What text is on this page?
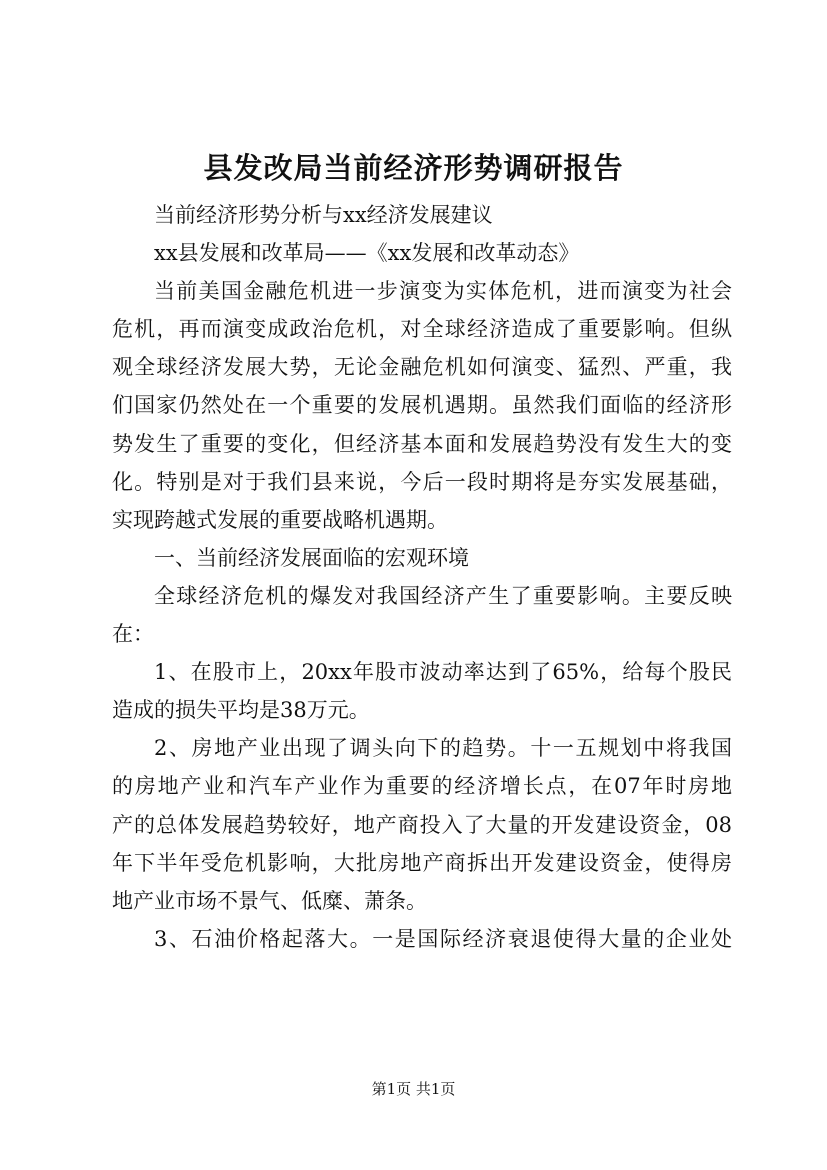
县发改局当前经济形势调研报告
当前经济形势分析与xx经济发展建议
xx县发展和改革局——《xx发展和改革动态》
当前美国金融危机进一步演变为实体危机，进而演变为社会
危机，再而演变成政治危机，对全球经济造成了重要影响。但纵
观全球经济发展大势，无论金融危机如何演变、猛烈、严重，我
们国家仍然处在一个重要的发展机遇期。虽然我们面临的经济形
势发生了重要的变化，但经济基本面和发展趋势没有发生大的变
化。特别是对于我们县来说，今后一段时期将是夯实发展基础，
实现跨越式发展的重要战略机遇期。
一、当前经济发展面临的宏观环境
全球经济危机的爆发对我国经济产生了重要影响。主要反映
在：
1、在股市上，20xx年股市波动率达到了65%，给每个股民
造成的损失平均是38万元。
2、房地产业出现了调头向下的趋势。十一五规划中将我国
的房地产业和汽车产业作为重要的经济增长点，在07年时房地
产的总体发展趋势较好，地产商投入了大量的开发建设资金，08
年下半年受危机影响，大批房地产商拆出开发建设资金，使得房
地产业市场不景气、低糜、萧条。
3、石油价格起落大。一是国际经济衰退使得大量的企业处
第1页 共1页
